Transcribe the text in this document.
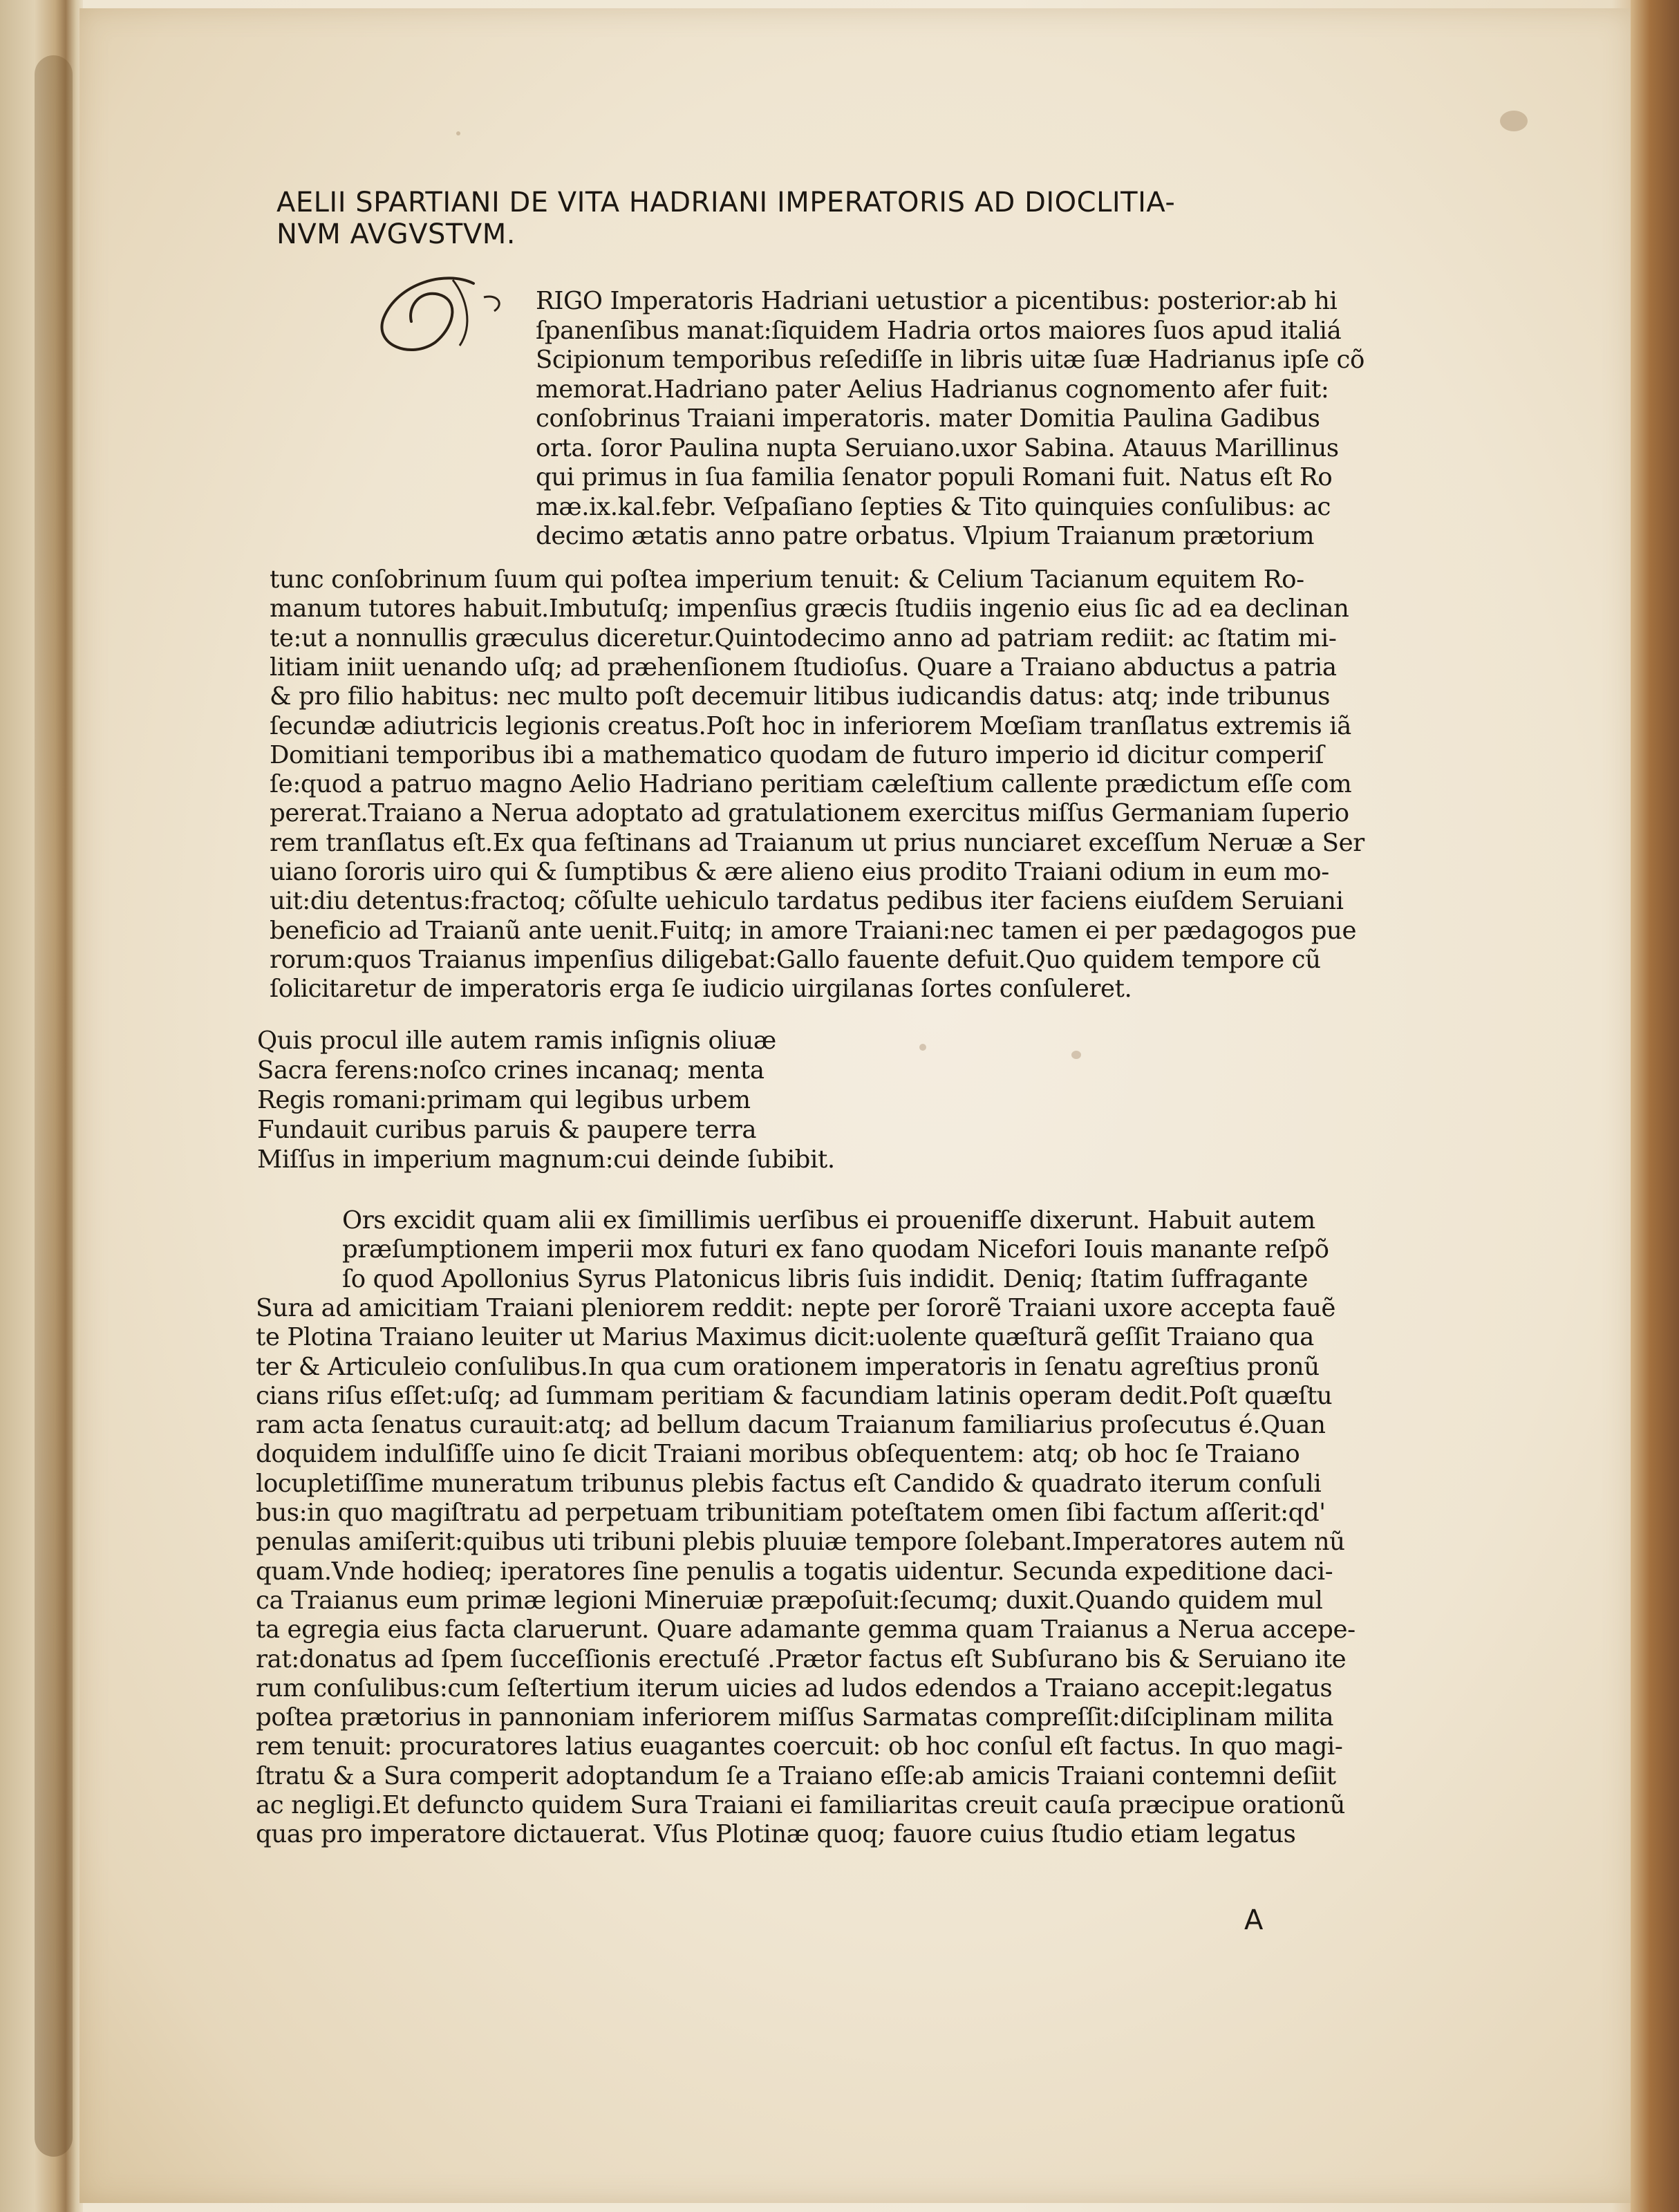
AELII SPARTIANI DE VITA HADRIANI IMPERATORIS AD DIOCLITIA-
NVM AVGVSTVM.
RIGO Imperatoris Hadriani uetustior a picentibus: posterior:ab hi
ſpanenſibus manat:ſiquidem Hadria ortos maiores ſuos apud italiá
Scipionum temporibus reſediſſe in libris uitæ ſuæ Hadrianus ipſe cõ
memorat.Hadriano pater Aelius Hadrianus cognomento afer fuit:
conſobrinus Traiani imperatoris. mater Domitia Paulina Gadibus
orta. ſoror Paulina nupta Seruiano.uxor Sabina. Atauus Marillinus
qui primus in ſua familia ſenator populi Romani fuit. Natus eſt Ro
mæ.ix.kal.febr. Veſpaſiano ſepties & Tito quinquies conſulibus: ac
decimo ætatis anno patre orbatus. Vlpium Traianum prætorium
tunc conſobrinum ſuum qui poſtea imperium tenuit: & Celium Tacianum equitem Ro-
manum tutores habuit.Imbutuſq; impenſius græcis ſtudiis ingenio eius ſic ad ea declinan
te:ut a nonnullis græculus diceretur.Quintodecimo anno ad patriam rediit: ac ſtatim mi-
litiam iniit uenando uſq; ad præhenſionem ſtudioſus. Quare a Traiano abductus a patria
& pro filio habitus: nec multo poſt decemuir litibus iudicandis datus: atq; inde tribunus
ſecundæ adiutricis legionis creatus.Poſt hoc in inferiorem Mœſiam tranſlatus extremis iã
Domitiani temporibus ibi a mathematico quodam de futuro imperio id dicitur comperiſ
ſe:quod a patruo magno Aelio Hadriano peritiam cæleſtium callente prædictum eſſe com
pererat.Traiano a Nerua adoptato ad gratulationem exercitus miſſus Germaniam ſuperio
rem tranſlatus eſt.Ex qua feſtinans ad Traianum ut prius nunciaret exceſſum Neruæ a Ser
uiano ſororis uiro qui & ſumptibus & ære alieno eius prodito Traiani odium in eum mo-
uit:diu detentus:fractoq; cõſulte uehiculo tardatus pedibus iter faciens eiuſdem Seruiani
beneficio ad Traianũ ante uenit.Fuitq; in amore Traiani:nec tamen ei per pædagogos pue
rorum:quos Traianus impenſius diligebat:Gallo fauente defuit.Quo quidem tempore cũ
ſolicitaretur de imperatoris erga ſe iudicio uirgilanas ſortes conſuleret.
Quis procul ille autem ramis inſignis oliuæ
Sacra ferens:noſco crines incanaq; menta
Regis romani:primam qui legibus urbem
Fundauit curibus paruis & paupere terra
Miſſus in imperium magnum:cui deinde ſubibit.
Ors excidit quam alii ex ſimillimis uerſibus ei prouenifſe dixerunt. Habuit autem
præſumptionem imperii mox futuri ex fano quodam Nicefori Iouis manante reſpõ
ſo quod Apollonius Syrus Platonicus libris ſuis indidit. Deniq; ſtatim ſuffragante
Sura ad amicitiam Traiani pleniorem reddit: nepte per ſororẽ Traiani uxore accepta fauẽ
te Plotina Traiano leuiter ut Marius Maximus dicit:uolente quæſturã geſſit Traiano qua
ter & Articuleio conſulibus.In qua cum orationem imperatoris in ſenatu agreſtius pronũ
cians riſus eſſet:uſq; ad ſummam peritiam & facundiam latinis operam dedit.Poſt quæſtu
ram acta ſenatus curauit:atq; ad bellum dacum Traianum familiarius proſecutus é.Quan
doquidem indulſiſſe uino ſe dicit Traiani moribus obſequentem: atq; ob hoc ſe Traiano
locupletiſſime muneratum tribunus plebis factus eſt Candido & quadrato iterum conſuli
bus:in quo magiſtratu ad perpetuam tribunitiam poteſtatem omen ſibi factum aſſerit:qd'
penulas amiſerit:quibus uti tribuni plebis pluuiæ tempore ſolebant.Imperatores autem nũ
quam.Vnde hodieq; iperatores ſine penulis a togatis uidentur. Secunda expeditione daci-
ca Traianus eum primæ legioni Mineruiæ præpoſuit:ſecumq; duxit.Quando quidem mul
ta egregia eius facta claruerunt. Quare adamante gemma quam Traianus a Nerua accepe-
rat:donatus ad ſpem ſucceſſionis erectuſé .Prætor factus eſt Subſurano bis & Seruiano ite
rum conſulibus:cum ſeſtertium iterum uicies ad ludos edendos a Traiano accepit:legatus
poſtea prætorius in pannoniam inferiorem miſſus Sarmatas compreſſit:diſciplinam milita
rem tenuit: procuratores latius euagantes coercuit: ob hoc conſul eſt factus. In quo magi-
ſtratu & a Sura comperit adoptandum ſe a Traiano eſſe:ab amicis Traiani contemni deſiit
ac negligi.Et defuncto quidem Sura Traiani ei familiaritas creuit cauſa præcipue orationũ
quas pro imperatore dictauerat. Vſus Plotinæ quoq; fauore cuius ſtudio etiam legatus
A
